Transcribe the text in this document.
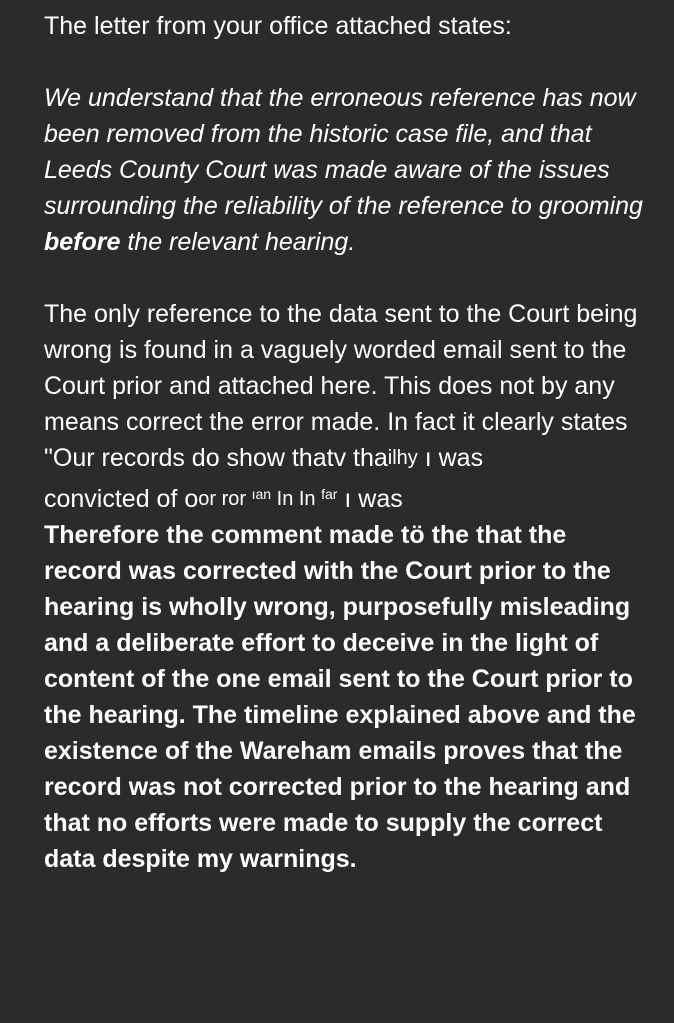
The letter from your office attached states:

We understand that the erroneous reference has now been removed from the historic case file, and that Leeds County Court was made aware of the issues surrounding the reliability of the reference to grooming before the relevant hearing.

The only reference to the data sent to the Court being wrong is found in a vaguely worded email sent to the Court prior and attached here. This does not by any means correct the error made. In fact it clearly states
"Our records do show thatv thailhy ı was
convicted of oor ror $^{ıan}$ In In $^{far}$ ı was
Therefore the comment made tö the that the record was corrected with the Court prior to the hearing is wholly wrong, purposefully misleading and a deliberate effort to deceive in the light of content of the one email sent to the Court prior to the hearing. The timeline explained above and the existence of the Wareham emails proves that the record was not corrected prior to the hearing and that no efforts were made to supply the correct data despite my warnings.
